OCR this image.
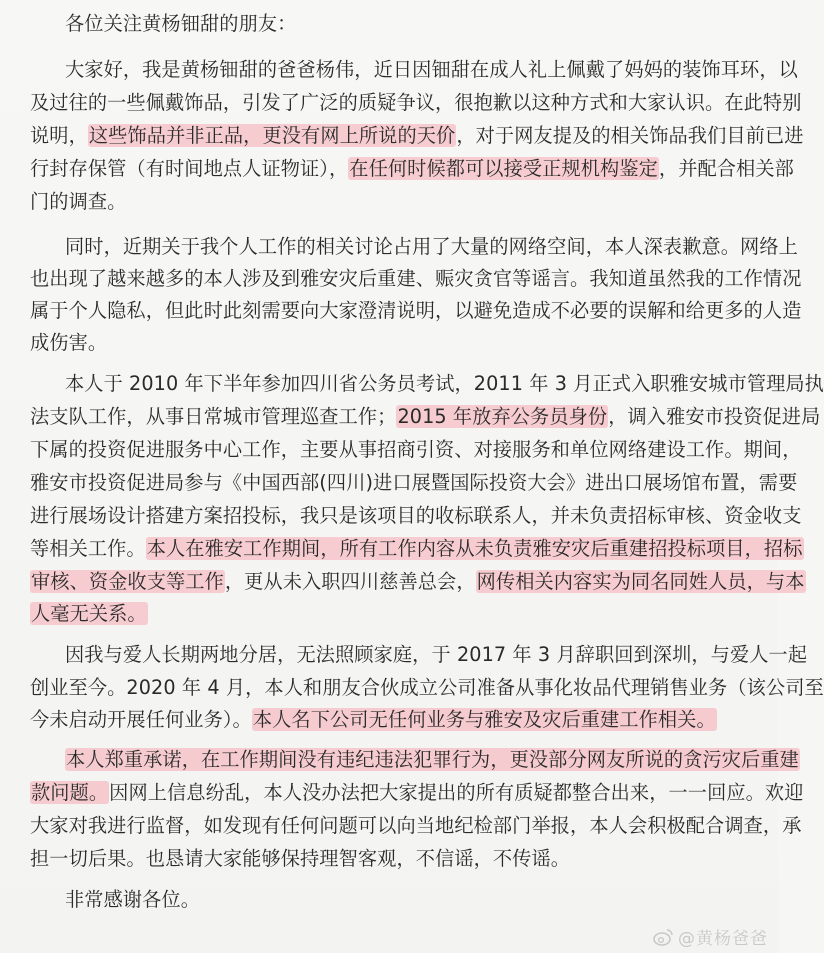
各位关注黄杨钿甜的朋友：
大家好，我是黄杨钿甜的爸爸杨伟，近日因钿甜在成人礼上佩戴了妈妈的装饰耳环，以
及过往的一些佩戴饰品，引发了广泛的质疑争议，很抱歉以这种方式和大家认识。在此特别
说明，这些饰品并非正品，更没有网上所说的天价，对于网友提及的相关饰品我们目前已进
行封存保管（有时间地点人证物证），在任何时候都可以接受正规机构鉴定，并配合相关部
门的调查。
同时，近期关于我个人工作的相关讨论占用了大量的网络空间，本人深表歉意。网络上
也出现了越来越多的本人涉及到雅安灾后重建、赈灾贪官等谣言。我知道虽然我的工作情况
属于个人隐私，但此时此刻需要向大家澄清说明，以避免造成不必要的误解和给更多的人造
成伤害。
本人于 2010 年下半年参加四川省公务员考试，2011 年 3 月正式入职雅安城市管理局执
法支队工作，从事日常城市管理巡查工作；2015 年放弃公务员身份，调入雅安市投资促进局
下属的投资促进服务中心工作，主要从事招商引资、对接服务和单位网络建设工作。期间，
雅安市投资促进局参与《中国西部(四川)进口展暨国际投资大会》进出口展场馆布置，需要
进行展场设计搭建方案招投标，我只是该项目的收标联系人，并未负责招标审核、资金收支
等相关工作。本人在雅安工作期间，所有工作内容从未负责雅安灾后重建招投标项目，招标
审核、资金收支等工作，更从未入职四川慈善总会，网传相关内容实为同名同姓人员，与本
人毫无关系。
因我与爱人长期两地分居，无法照顾家庭，于 2017 年 3 月辞职回到深圳，与爱人一起
创业至今。2020 年 4 月，本人和朋友合伙成立公司准备从事化妆品代理销售业务（该公司至
今未启动开展任何业务）。本人名下公司无任何业务与雅安及灾后重建工作相关。
本人郑重承诺，在工作期间没有违纪违法犯罪行为，更没部分网友所说的贪污灾后重建
款问题。因网上信息纷乱，本人没办法把大家提出的所有质疑都整合出来，一一回应。欢迎
大家对我进行监督，如发现有任何问题可以向当地纪检部门举报，本人会积极配合调查，承
担一切后果。也恳请大家能够保持理智客观，不信谣，不传谣。
非常感谢各位。
@黄杨爸爸
